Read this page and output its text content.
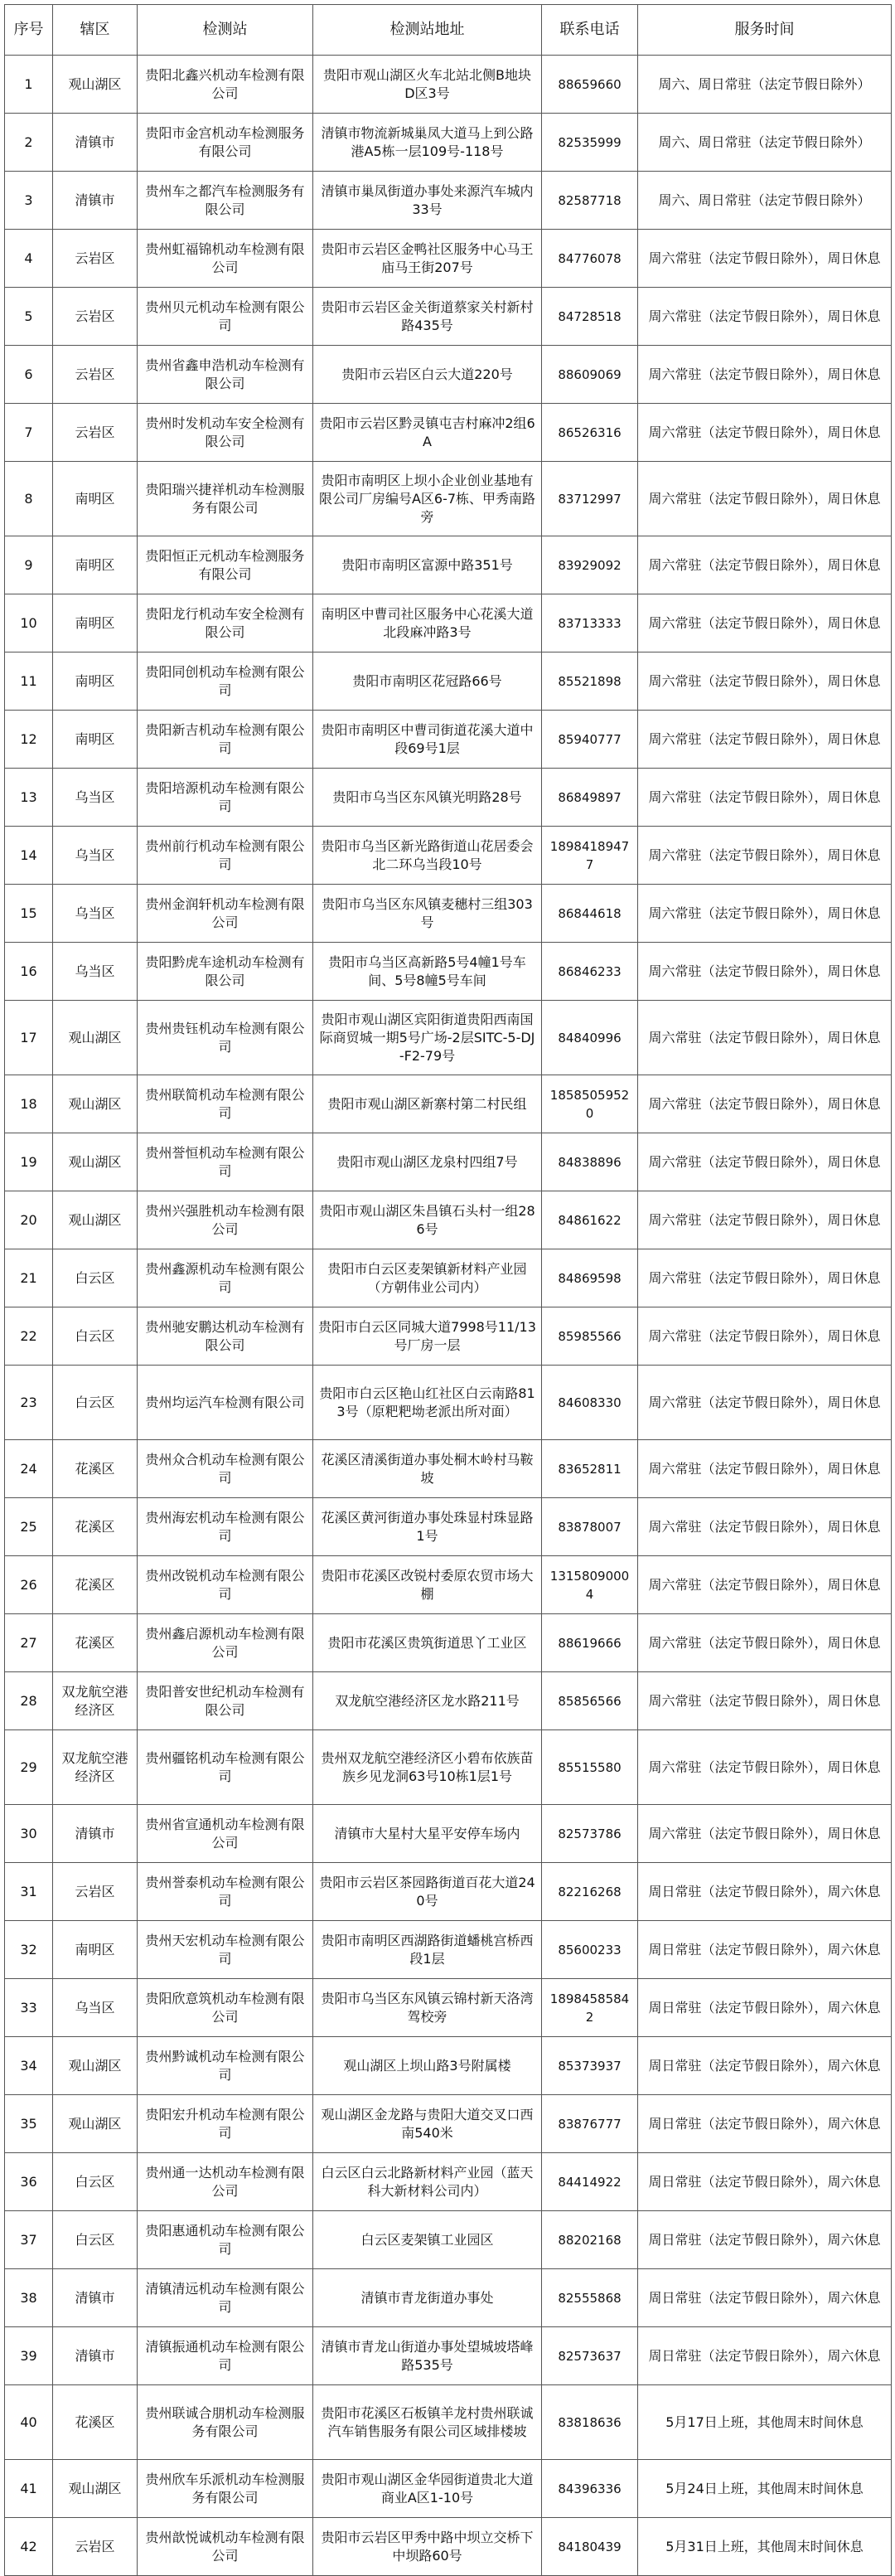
序号	辖区	检测站	检测站地址	联系电话	服务时间
1	观山湖区	贵阳北鑫兴机动车检测有限公司	贵阳市观山湖区火车北站北侧B地块D区3号	88659660	周六、周日常驻（法定节假日除外）
2	清镇市	贵阳市金宫机动车检测服务有限公司	清镇市物流新城巢凤大道马上到公路港A5栋一层109号-118号	82535999	周六、周日常驻（法定节假日除外）
3	清镇市	贵州车之都汽车检测服务有限公司	清镇市巢凤街道办事处来源汽车城内33号	82587718	周六、周日常驻（法定节假日除外）
4	云岩区	贵州虹福锦机动车检测有限公司	贵阳市云岩区金鸭社区服务中心马王庙马王街207号	84776078	周六常驻（法定节假日除外），周日休息
5	云岩区	贵州贝元机动车检测有限公司	贵阳市云岩区金关街道蔡家关村新村路435号	84728518	周六常驻（法定节假日除外），周日休息
6	云岩区	贵州省鑫申浩机动车检测有限公司	贵阳市云岩区白云大道220号	88609069	周六常驻（法定节假日除外），周日休息
7	云岩区	贵州时发机动车安全检测有限公司	贵阳市云岩区黔灵镇屯吉村麻冲2组6A	86526316	周六常驻（法定节假日除外），周日休息
8	南明区	贵阳瑞兴捷祥机动车检测服务有限公司	贵阳市南明区上坝小企业创业基地有限公司厂房编号A区6-7栋、甲秀南路旁	83712997	周六常驻（法定节假日除外），周日休息
9	南明区	贵阳恒正元机动车检测服务有限公司	贵阳市南明区富源中路351号	83929092	周六常驻（法定节假日除外），周日休息
10	南明区	贵阳龙行机动车安全检测有限公司	南明区中曹司社区服务中心花溪大道北段麻冲路3号	83713333	周六常驻（法定节假日除外），周日休息
11	南明区	贵阳同创机动车检测有限公司	贵阳市南明区花冠路66号	85521898	周六常驻（法定节假日除外），周日休息
12	南明区	贵阳新吉机动车检测有限公司	贵阳市南明区中曹司街道花溪大道中段69号1层	85940777	周六常驻（法定节假日除外），周日休息
13	乌当区	贵阳培源机动车检测有限公司	贵阳市乌当区东风镇光明路28号	86849897	周六常驻（法定节假日除外），周日休息
14	乌当区	贵州前行机动车检测有限公司	贵阳市乌当区新光路街道山花居委会北二环乌当段10号	18984189477	周六常驻（法定节假日除外），周日休息
15	乌当区	贵州金润轩机动车检测有限公司	贵阳市乌当区东风镇麦穗村三组303号	86844618	周六常驻（法定节假日除外），周日休息
16	乌当区	贵阳黔虎车途机动车检测有限公司	贵阳市乌当区高新路5号4幢1号车间、5号8幢5号车间	86846233	周六常驻（法定节假日除外），周日休息
17	观山湖区	贵州贵钰机动车检测有限公司	贵阳市观山湖区宾阳街道贵阳西南国际商贸城一期5号广场-2层SITC-5-DJ-F2-79号	84840996	周六常驻（法定节假日除外），周日休息
18	观山湖区	贵州联简机动车检测有限公司	贵阳市观山湖区新寨村第二村民组	18585059520	周六常驻（法定节假日除外），周日休息
19	观山湖区	贵州誉恒机动车检测有限公司	贵阳市观山湖区龙泉村四组7号	84838896	周六常驻（法定节假日除外），周日休息
20	观山湖区	贵州兴强胜机动车检测有限公司	贵阳市观山湖区朱昌镇石头村一组286号	84861622	周六常驻（法定节假日除外），周日休息
21	白云区	贵州鑫源机动车检测有限公司	贵阳市白云区麦架镇新材料产业园（方朝伟业公司内）	84869598	周六常驻（法定节假日除外），周日休息
22	白云区	贵州驰安鹏达机动车检测有限公司	贵阳市白云区同城大道7998号11/13号厂房一层	85985566	周六常驻（法定节假日除外），周日休息
23	白云区	贵州均运汽车检测有限公司	贵阳市白云区艳山红社区白云南路813号（原粑粑坳老派出所对面）	84608330	周六常驻（法定节假日除外），周日休息
24	花溪区	贵州众合机动车检测有限公司	花溪区清溪街道办事处桐木岭村马鞍坡	83652811	周六常驻（法定节假日除外），周日休息
25	花溪区	贵州海宏机动车检测有限公司	花溪区黄河街道办事处珠显村珠显路1号	83878007	周六常驻（法定节假日除外），周日休息
26	花溪区	贵州改锐机动车检测有限公司	贵阳市花溪区改锐村委原农贸市场大棚	13158090004	周六常驻（法定节假日除外），周日休息
27	花溪区	贵州鑫启源机动车检测有限公司	贵阳市花溪区贵筑街道思丫工业区	88619666	周六常驻（法定节假日除外），周日休息
28	双龙航空港经济区	贵阳普安世纪机动车检测有限公司	双龙航空港经济区龙水路211号	85856566	周六常驻（法定节假日除外），周日休息
29	双龙航空港经济区	贵州疆铭机动车检测有限公司	贵州双龙航空港经济区小碧布依族苗族乡见龙洞63号10栋1层1号	85515580	周六常驻（法定节假日除外），周日休息
30	清镇市	贵州省宣通机动车检测有限公司	清镇市大星村大星平安停车场内	82573786	周六常驻（法定节假日除外），周日休息
31	云岩区	贵州誉泰机动车检测有限公司	贵阳市云岩区茶园路街道百花大道240号	82216268	周日常驻（法定节假日除外），周六休息
32	南明区	贵州天宏机动车检测有限公司	贵阳市南明区西湖路街道蟠桃宫桥西段1层	85600233	周日常驻（法定节假日除外），周六休息
33	乌当区	贵阳欣意筑机动车检测有限公司	贵阳市乌当区东风镇云锦村新天洛湾驾校旁	18984585842	周日常驻（法定节假日除外），周六休息
34	观山湖区	贵州黔诚机动车检测有限公司	观山湖区上坝山路3号附属楼	85373937	周日常驻（法定节假日除外），周六休息
35	观山湖区	贵阳宏升机动车检测有限公司	观山湖区金龙路与贵阳大道交叉口西南540米	83876777	周日常驻（法定节假日除外），周六休息
36	白云区	贵州通一达机动车检测有限公司	白云区白云北路新材料产业园（蓝天科大新材料公司内）	84414922	周日常驻（法定节假日除外），周六休息
37	白云区	贵阳惠通机动车检测有限公司	白云区麦架镇工业园区	88202168	周日常驻（法定节假日除外），周六休息
38	清镇市	清镇清远机动车检测有限公司	清镇市青龙街道办事处	82555868	周日常驻（法定节假日除外），周六休息
39	清镇市	清镇振通机动车检测有限公司	清镇市青龙山街道办事处望城坡塔峰路535号	82573637	周日常驻（法定节假日除外），周六休息
40	花溪区	贵州联诚合朋机动车检测服务有限公司	贵阳市花溪区石板镇羊龙村贵州联诚汽车销售服务有限公司区域排楼坡	83818636	5月17日上班，其他周末时间休息
41	观山湖区	贵州欣车乐派机动车检测服务有限公司	贵阳市观山湖区金华园街道贵北大道商业A区1-10号	84396336	5月24日上班，其他周末时间休息
42	云岩区	贵州歆悦诚机动车检测有限公司	贵阳市云岩区甲秀中路中坝立交桥下中坝路60号	84180439	5月31日上班，其他周末时间休息
